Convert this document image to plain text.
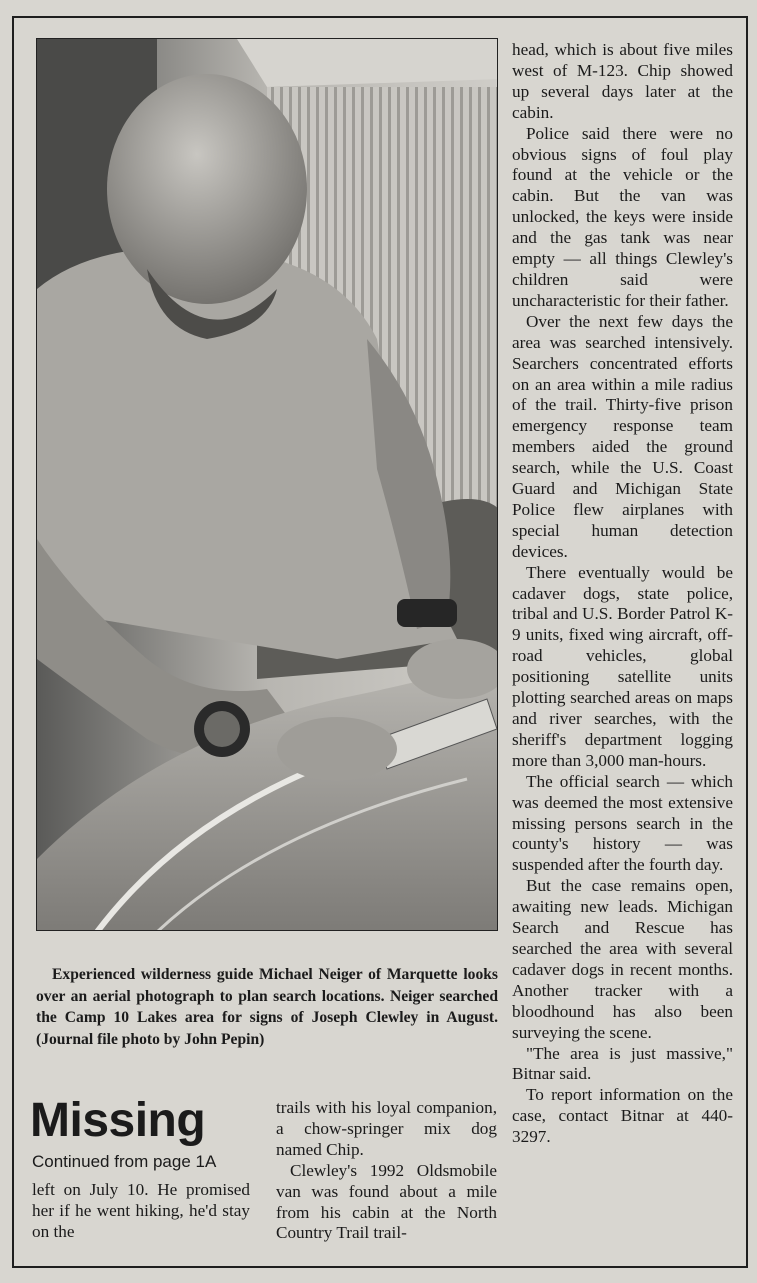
Experienced wilderness guide Michael Neiger of Marquette looks over an aerial photograph to plan search locations. Neiger searched the Camp 10 Lakes area for signs of Joseph Clewley in August. (Journal file photo by John Pepin)

Missing

Continued from page 1A

left on July 10. He promised her if he went hiking, he'd stay on the

trails with his loyal companion, a chow-springer mix dog named Chip.

Clewley's 1992 Oldsmobile van was found about a mile from his cabin at the North Country Trail trail-

head, which is about five miles west of M-123. Chip showed up several days later at the cabin.

Police said there were no obvious signs of foul play found at the vehicle or the cabin. But the van was unlocked, the keys were inside and the gas tank was near empty — all things Clewley's children said were uncharacteristic for their father.

Over the next few days the area was searched intensively. Searchers concentrated efforts on an area within a mile radius of the trail. Thirty-five prison emergency response team members aided the ground search, while the U.S. Coast Guard and Michigan State Police flew airplanes with special human detection devices.

There eventually would be cadaver dogs, state police, tribal and U.S. Border Patrol K-9 units, fixed wing aircraft, off-road vehicles, global positioning satellite units plotting searched areas on maps and river searches, with the sheriff's department logging more than 3,000 man-hours.

The official search — which was deemed the most extensive missing persons search in the county's history — was suspended after the fourth day.

But the case remains open, awaiting new leads. Michigan Search and Rescue has searched the area with several cadaver dogs in recent months. Another tracker with a bloodhound has also been surveying the scene.

"The area is just massive," Bitnar said.

To report information on the case, contact Bitnar at 440-3297.
